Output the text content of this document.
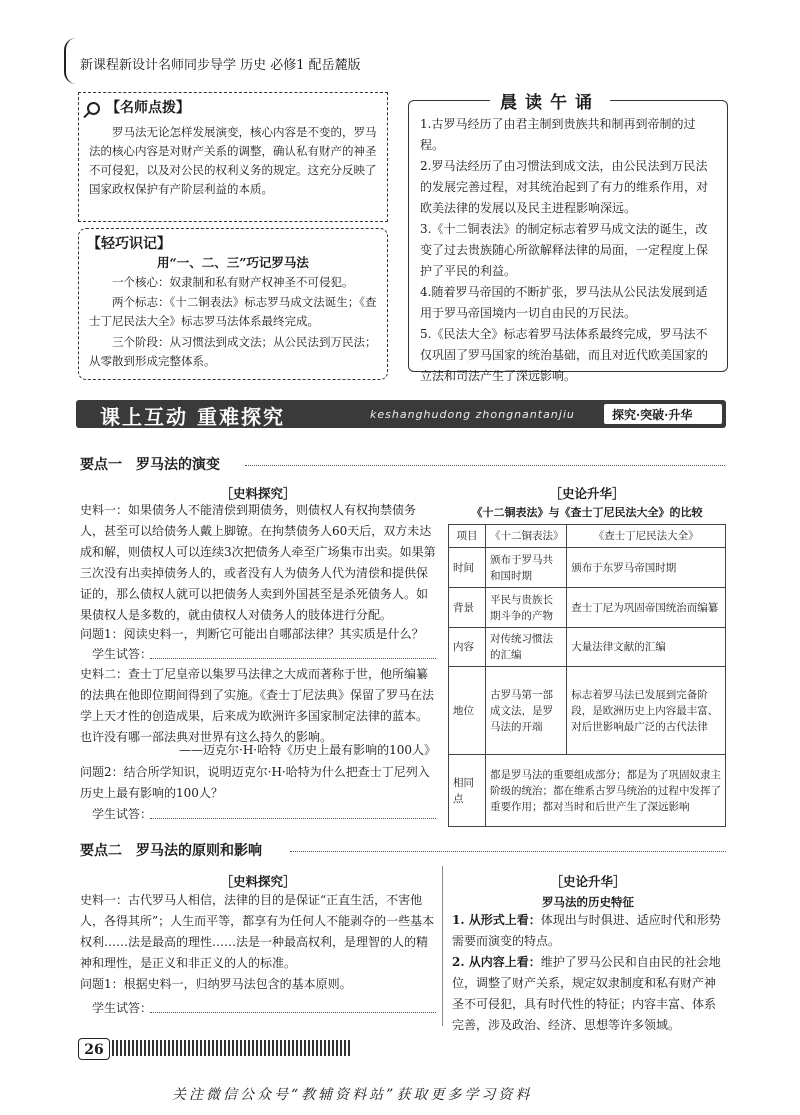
新课程新设计名师同步导学 历史 必修1 配岳麓版
【名师点拨】

罗马法无论怎样发展演变，核心内容是不变的，罗马法的核心内容是对财产关系的调整，确认私有财产的神圣不可侵犯，以及对公民的权利义务的规定。这充分反映了国家政权保护有产阶层利益的本质。

【轻巧识记】
用“一、二、三”巧记罗马法

一个核心：奴隶制和私有财产权神圣不可侵犯。

两个标志：《十二铜表法》标志罗马成文法诞生；《查士丁尼民法大全》标志罗马法体系最终完成。

三个阶段：从习惯法到成文法；从公民法到万民法；从零散到形成完整体系。

晨读午诵

1.古罗马经历了由君主制到贵族共和制再到帝制的过程。

2.罗马法经历了由习惯法到成文法，由公民法到万民法的发展完善过程，对其统治起到了有力的维系作用，对欧美法律的发展以及民主进程影响深远。

3.《十二铜表法》的制定标志着罗马成文法的诞生，改变了过去贵族随心所欲解释法律的局面，一定程度上保护了平民的利益。

4.随着罗马帝国的不断扩张，罗马法从公民法发展到适用于罗马帝国境内一切自由民的万民法。

5.《民法大全》标志着罗马法体系最终完成，罗马法不仅巩固了罗马国家的统治基础，而且对近代欧美国家的立法和司法产生了深远影响。

课上互动 重难探究	keshanghudong zhongnantanjiu	探究·突破·升华
要点一　罗马法的演变
［史料探究］

史料一：如果债务人不能清偿到期债务，则债权人有权拘禁债务人，甚至可以给债务人戴上脚镣。在拘禁债务人60天后，双方未达成和解，则债权人可以连续3次把债务人牵至广场集市出卖。如果第三次没有出卖掉债务人的，或者没有人为债务人代为清偿和提供保证的，那么债权人就可以把债务人卖到外国甚至是杀死债务人。如果债权人是多数的，就由债权人对债务人的肢体进行分配。

问题1：阅读史料一，判断它可能出自哪部法律？其实质是什么？

学生试答：

史料二：查士丁尼皇帝以集罗马法律之大成而著称于世，他所编纂的法典在他即位期间得到了实施。《查士丁尼法典》保留了罗马在法学上天才性的创造成果，后来成为欧洲许多国家制定法律的蓝本。也许没有哪一部法典对世界有这么持久的影响。

——迈克尔·H·哈特《历史上最有影响的100人》

问题2：结合所学知识，说明迈克尔·H·哈特为什么把查士丁尼列入历史上最有影响的100人？

学生试答：

［史论升华］
《十二铜表法》与《查士丁尼民法大全》的比较
项目	《十二铜表法》	《查士丁尼民法大全》
时间	颁布于罗马共和国时期	颁布于东罗马帝国时期
背景	平民与贵族长期斗争的产物	查士丁尼为巩固帝国统治而编纂
内容	对传统习惯法的汇编	大量法律文献的汇编
地位	古罗马第一部成文法，是罗马法的开端	标志着罗马法已发展到完备阶段，是欧洲历史上内容最丰富、对后世影响最广泛的古代法律
相同点	都是罗马法的重要组成部分；都是为了巩固奴隶主阶级的统治；都在维系古罗马统治的过程中发挥了重要作用；都对当时和后世产生了深远影响	
要点二　罗马法的原则和影响
［史料探究］

史料一：古代罗马人相信，法律的目的是保证“正直生活，不害他人，各得其所”；人生而平等，都享有为任何人不能剥夺的一些基本权利……法是最高的理性……法是一种最高权利，是理智的人的精神和理性，是正义和非正义的人的标准。

问题1：根据史料一，归纳罗马法包含的基本原则。

学生试答：

［史论升华］
罗马法的历史特征

1. 从形式上看：体现出与时俱进、适应时代和形势需要而演变的特点。

2. 从内容上看：维护了罗马公民和自由民的社会地位，调整了财产关系，规定奴隶制度和私有财产神圣不可侵犯，具有时代性的特征；内容丰富、体系完善，涉及政治、经济、思想等许多领域。

26
关注微信公众号“教辅资料站”获取更多学习资料
